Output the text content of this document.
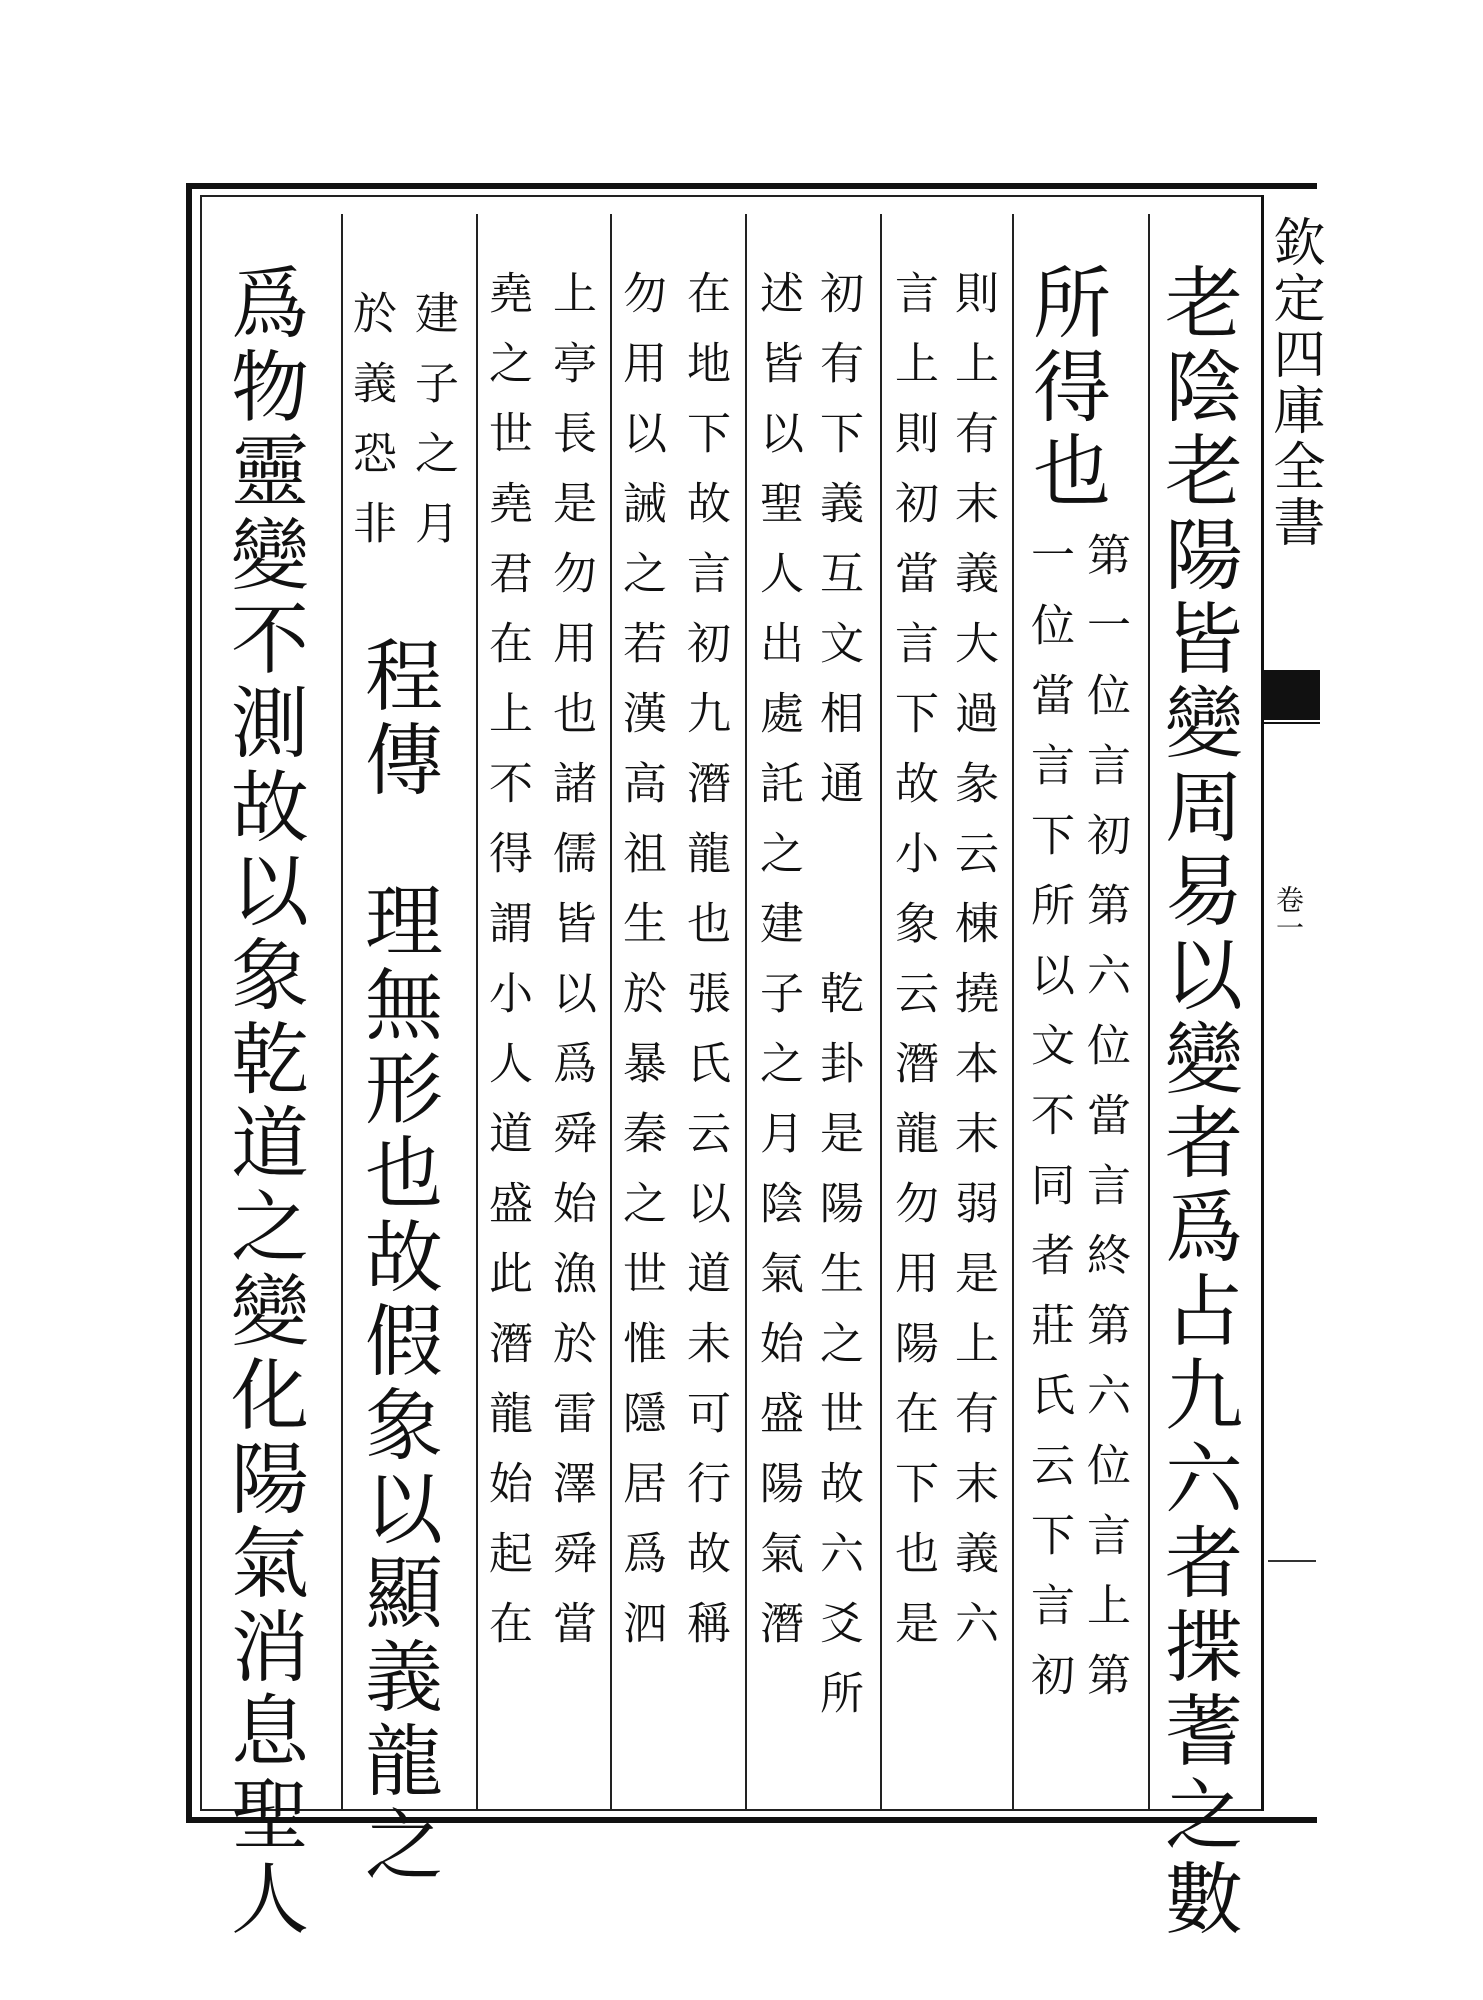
欽定四庫全書
卷一
老陰老陽皆變周易以變者爲占九六者揲蓍之數
所得也
第一位言初第六位當言終第六位言上第
一位當言下所以文不同者莊氏云下言初
則上有末義大過彖云棟撓本末弱是上有末義六
言上則初當言下故小象云潛龍勿用陽在下也是
初有下義互文相通
乾卦是陽生之世故六爻所
述皆以聖人出處託之建子之月陰氣始盛陽氣潛
在地下故言初九潛龍也張氏云以道未可行故稱
勿用以誡之若漢高祖生於暴秦之世惟隱居爲泗
上亭長是勿用也諸儒皆以爲舜始漁於雷澤舜當
堯之世堯君在上不得謂小人道盛此潛龍始起在
建子之月
於義恐非
程傳
理無形也故假象以顯義龍之
爲物靈變不測故以象乾道之變化陽氣消息聖人
